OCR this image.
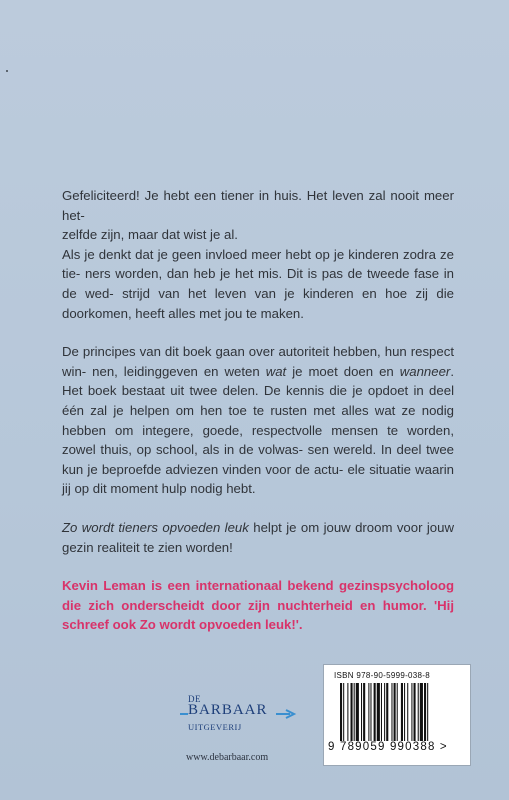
Gefeliciteerd! Je hebt een tiener in huis. Het leven zal nooit meer het-
zelfde zijn, maar dat wist je al.
Als je denkt dat je geen invloed meer hebt op je kinderen zodra ze tie- ners worden, dan heb je het mis. Dit is pas de tweede fase in de wed- strijd van het leven van je kinderen en hoe zij die doorkomen, heeft alles met jou te maken.

De principes van dit boek gaan over autoriteit hebben, hun respect win- nen, leidinggeven en weten wat je moet doen en wanneer. Het boek bestaat uit twee delen. De kennis die je opdoet in deel één zal je helpen om hen toe te rusten met alles wat ze nodig hebben om integere, goede, respectvolle mensen te worden, zowel thuis, op school, als in de volwas- sen wereld. In deel twee kun je beproefde adviezen vinden voor de actu- ele situatie waarin jij op dit moment hulp nodig hebt.

Zo wordt tieners opvoeden leuk helpt je om jouw droom voor jouw gezin realiteit te zien worden!

Kevin Leman is een internationaal bekend gezinspsycholoog die zich onderscheidt door zijn nuchterheid en humor. 'Hij schreef ook Zo wordt opvoeden leuk!'.

DE
BARBAAR
UITGEVERIJ
www.debarbaar.com
ISBN 978-90-5999-038-8
9 789059 990388 >
